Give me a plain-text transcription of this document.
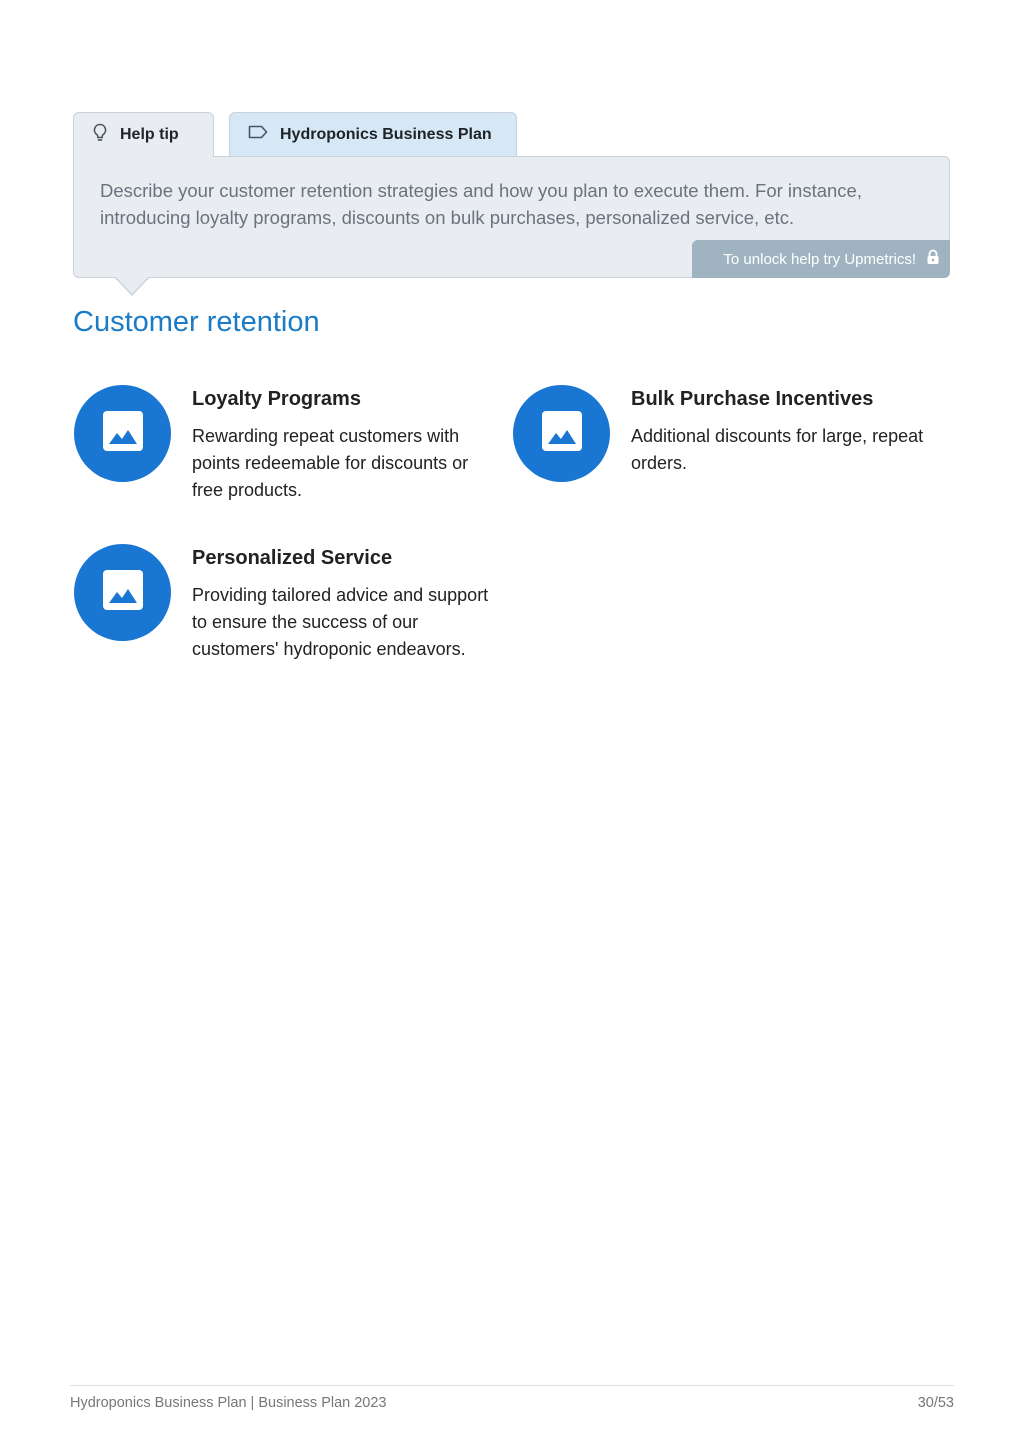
Help tip	Hydroponics Business Plan

Describe your customer retention strategies and how you plan to execute them. For instance, introducing loyalty programs, discounts on bulk purchases, personalized service, etc.

To unlock help try Upmetrics!
Customer retention
Loyalty Programs

Rewarding repeat customers with points redeemable for discounts or free products.

Bulk Purchase Incentives

Additional discounts for large, repeat orders.

Personalized Service

Providing tailored advice and support to ensure the success of our customers' hydroponic endeavors.

Hydroponics Business Plan | Business Plan 2023	30/53
